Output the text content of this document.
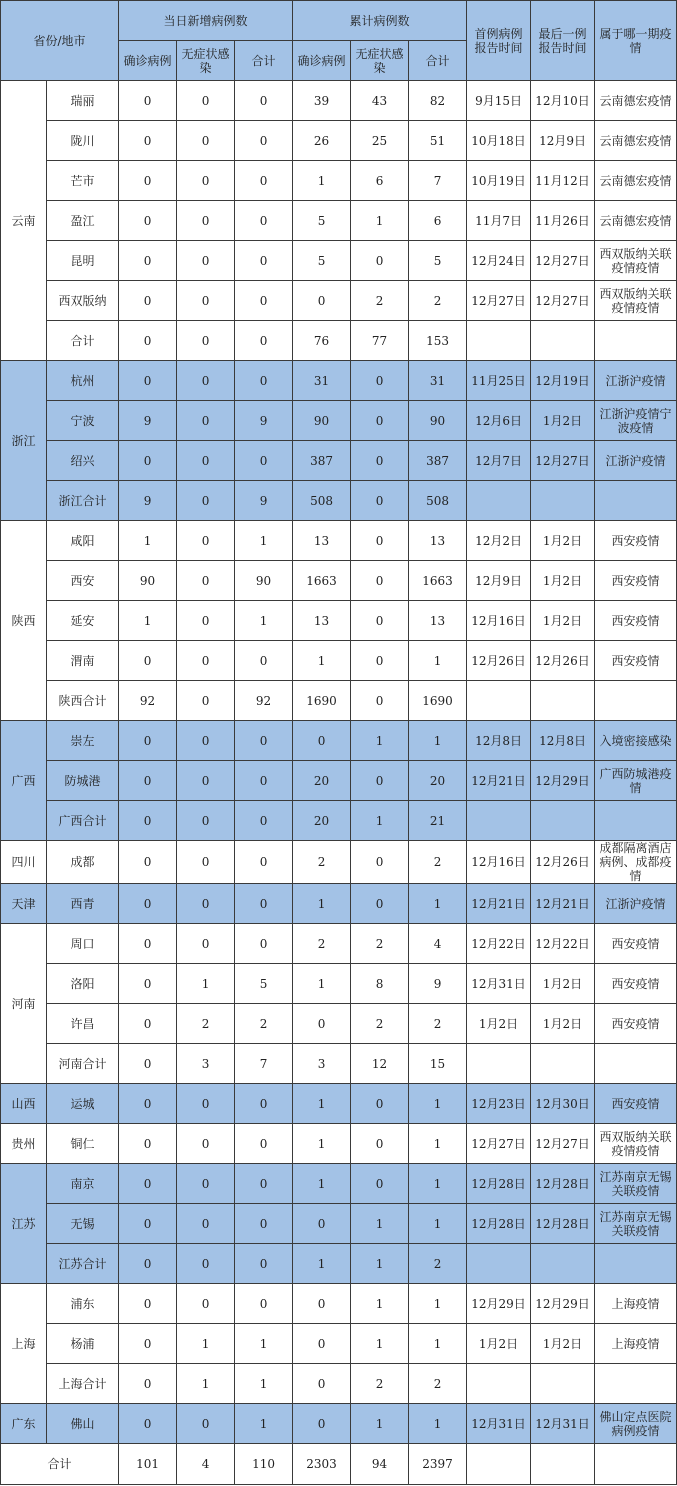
省份/地市		当日新增病例数			累计病例数			首例病例报告时间	最后一例报告时间	属于哪一期疫情
		确诊病例	无症状感染	合计	确诊病例	无症状感染	合计			
云南	瑞丽	0	0	0	39	43	82	9月15日	12月10日	云南德宏疫情
	陇川	0	0	0	26	25	51	10月18日	12月9日	云南德宏疫情
	芒市	0	0	0	1	6	7	10月19日	11月12日	云南德宏疫情
	盈江	0	0	0	5	1	6	11月7日	11月26日	云南德宏疫情
	昆明	0	0	0	5	0	5	12月24日	12月27日	西双版纳关联疫情疫情
	西双版纳	0	0	0	0	2	2	12月27日	12月27日	西双版纳关联疫情疫情
	合计	0	0	0	76	77	153			
浙江	杭州	0	0	0	31	0	31	11月25日	12月19日	江浙沪疫情
	宁波	9	0	9	90	0	90	12月6日	1月2日	江浙沪疫情宁波疫情
	绍兴	0	0	0	387	0	387	12月7日	12月27日	江浙沪疫情
	浙江合计	9	0	9	508	0	508			
陕西	咸阳	1	0	1	13	0	13	12月2日	1月2日	西安疫情
	西安	90	0	90	1663	0	1663	12月9日	1月2日	西安疫情
	延安	1	0	1	13	0	13	12月16日	1月2日	西安疫情
	渭南	0	0	0	1	0	1	12月26日	12月26日	西安疫情
	陕西合计	92	0	92	1690	0	1690			
广西	崇左	0	0	0	0	1	1	12月8日	12月8日	入境密接感染
	防城港	0	0	0	20	0	20	12月21日	12月29日	广西防城港疫情
	广西合计	0	0	0	20	1	21			
四川	成都	0	0	0	2	0	2	12月16日	12月26日	成都隔离酒店病例、成都疫情
天津	西青	0	0	0	1	0	1	12月21日	12月21日	江浙沪疫情
河南	周口	0	0	0	2	2	4	12月22日	12月22日	西安疫情
	洛阳	0	1	5	1	8	9	12月31日	1月2日	西安疫情
	许昌	0	2	2	0	2	2	1月2日	1月2日	西安疫情
	河南合计	0	3	7	3	12	15			
山西	运城	0	0	0	1	0	1	12月23日	12月30日	西安疫情
贵州	铜仁	0	0	0	1	0	1	12月27日	12月27日	西双版纳关联疫情疫情
江苏	南京	0	0	0	1	0	1	12月28日	12月28日	江苏南京无锡关联疫情
	无锡	0	0	0	0	1	1	12月28日	12月28日	江苏南京无锡关联疫情
	江苏合计	0	0	0	1	1	2			
上海	浦东	0	0	0	0	1	1	12月29日	12月29日	上海疫情
	杨浦	0	1	1	0	1	1	1月2日	1月2日	上海疫情
	上海合计	0	1	1	0	2	2			
广东	佛山	0	0	1	0	1	1	12月31日	12月31日	佛山定点医院病例疫情
合计		101	4	110	2303	94	2397			
